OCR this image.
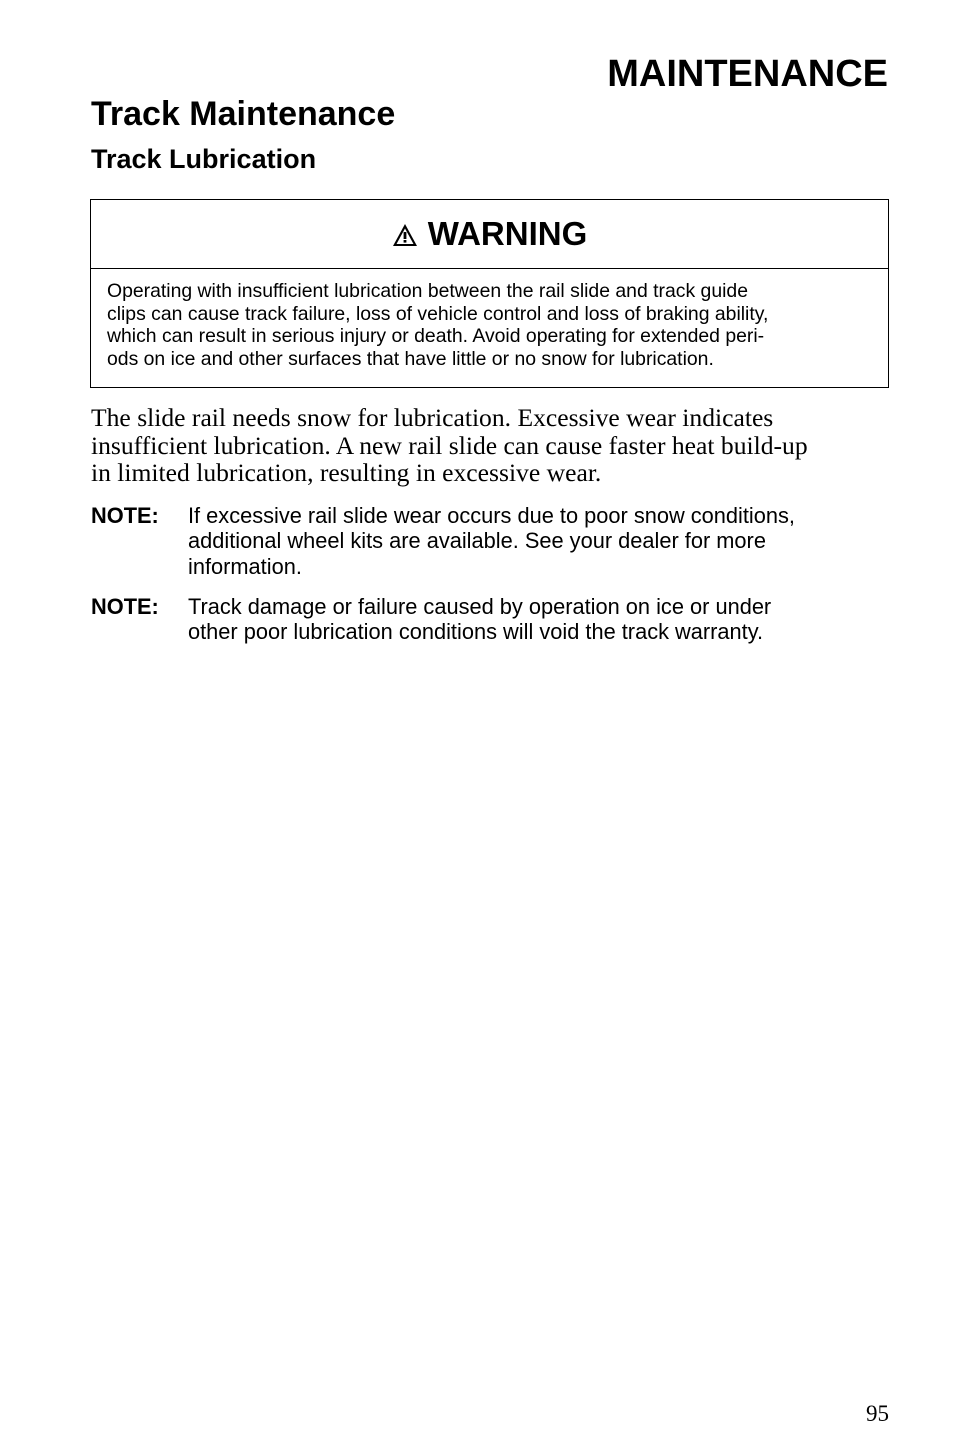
MAINTENANCE
Track Maintenance
Track Lubrication
WARNING

Operating with insufficient lubrication between the rail slide and track guide
clips can cause track failure, loss of vehicle control and loss of braking ability,
which can result in serious injury or death. Avoid operating for extended peri-
ods on ice and other surfaces that have little or no snow for lubrication.

The slide rail needs snow for lubrication. Excessive wear indicates
insufficient lubrication. A new rail slide can cause faster heat build-up
in limited lubrication, resulting in excessive wear.

NOTE:	If excessive rail slide wear occurs due to poor snow conditions,
additional wheel kits are available. See your dealer for more
information.
NOTE:	Track damage or failure caused by operation on ice or under
other poor lubrication conditions will void the track warranty.
95
